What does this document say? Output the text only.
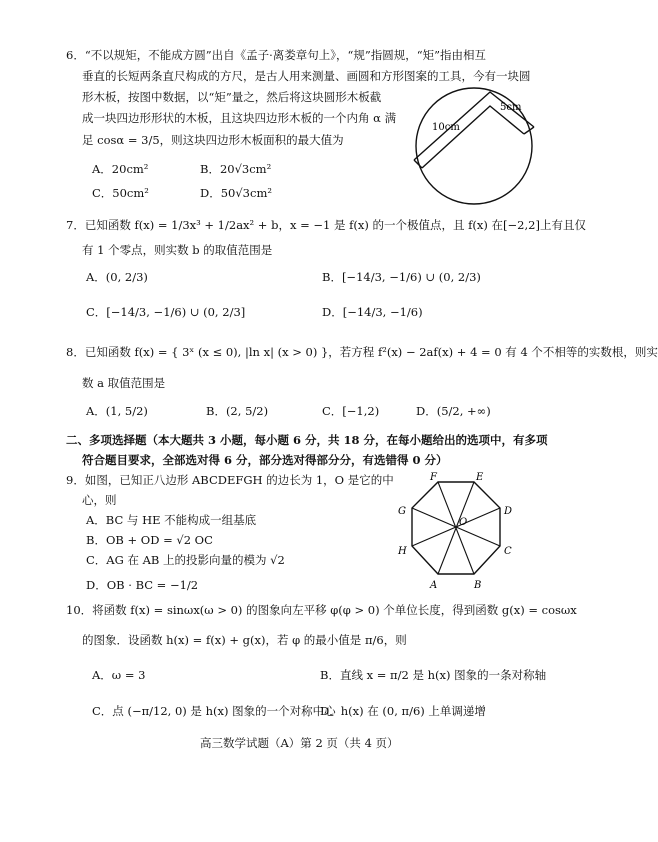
6．“不以规矩，不能成方圆”出自《孟子·离娄章句上》，“规”指圆规，“矩”指由相互
垂直的长短两条直尺构成的方尺，是古人用来测量、画圆和方形图案的工具，今有一块圆
形木板，按图中数据，以“矩”量之，然后将这块圆形木板截
成一块四边形形状的木板，且这块四边形木板的一个内角 α 满
足 cosα = 3/5，则这块四边形木板面积的最大值为
A．20cm²	B．20√3cm²
C．50cm²	D．50√3cm²
10cm
5cm
7．已知函数 f(x) = 1/3x³ + 1/2ax² + b，x = −1 是 f(x) 的一个极值点，且 f(x) 在[−2,2]上有且仅
有 1 个零点，则实数 b 的取值范围是
A．(0, 2/3)	B．[−14/3, −1/6) ∪ (0, 2/3)
C．[−14/3, −1/6) ∪ (0, 2/3]	D．[−14/3, −1/6)
8．已知函数 f(x) = { 3ˣ (x ≤ 0), |ln x| (x > 0) }，若方程 f²(x) − 2af(x) + 4 = 0 有 4 个不相等的实数根，则实
数 a 取值范围是
A．(1, 5/2)	B．(2, 5/2)	C．[−1,2)	D．(5/2, +∞)
二、多项选择题（本大题共 3 小题，每小题 6 分，共 18 分，在每小题给出的选项中，有多项
符合题目要求，全部选对得 6 分，部分选对得部分分，有选错得 0 分）
9．如图，已知正八边形 ABCDEFGH 的边长为 1，O 是它的中
心，则
A．BC 与 HE 不能构成一组基底
B．OB + OD = √2 OC
C．AG 在 AB 上的投影向量的模为 √2
D．OB · BC = −1/2
F	E
D
C
B
A
H
G
O
10．将函数 f(x) = sinωx(ω > 0) 的图象向左平移 φ(φ > 0) 个单位长度，得到函数 g(x) = cosωx
的图象．设函数 h(x) = f(x) + g(x)，若 φ 的最小值是 π/6，则
A．ω = 3	B．直线 x = π/2 是 h(x) 图象的一条对称轴
C．点 (−π/12, 0) 是 h(x) 图象的一个对称中心
D．h(x) 在 (0, π/6) 上单调递增
高三数学试题（A）第 2 页（共 4 页）
